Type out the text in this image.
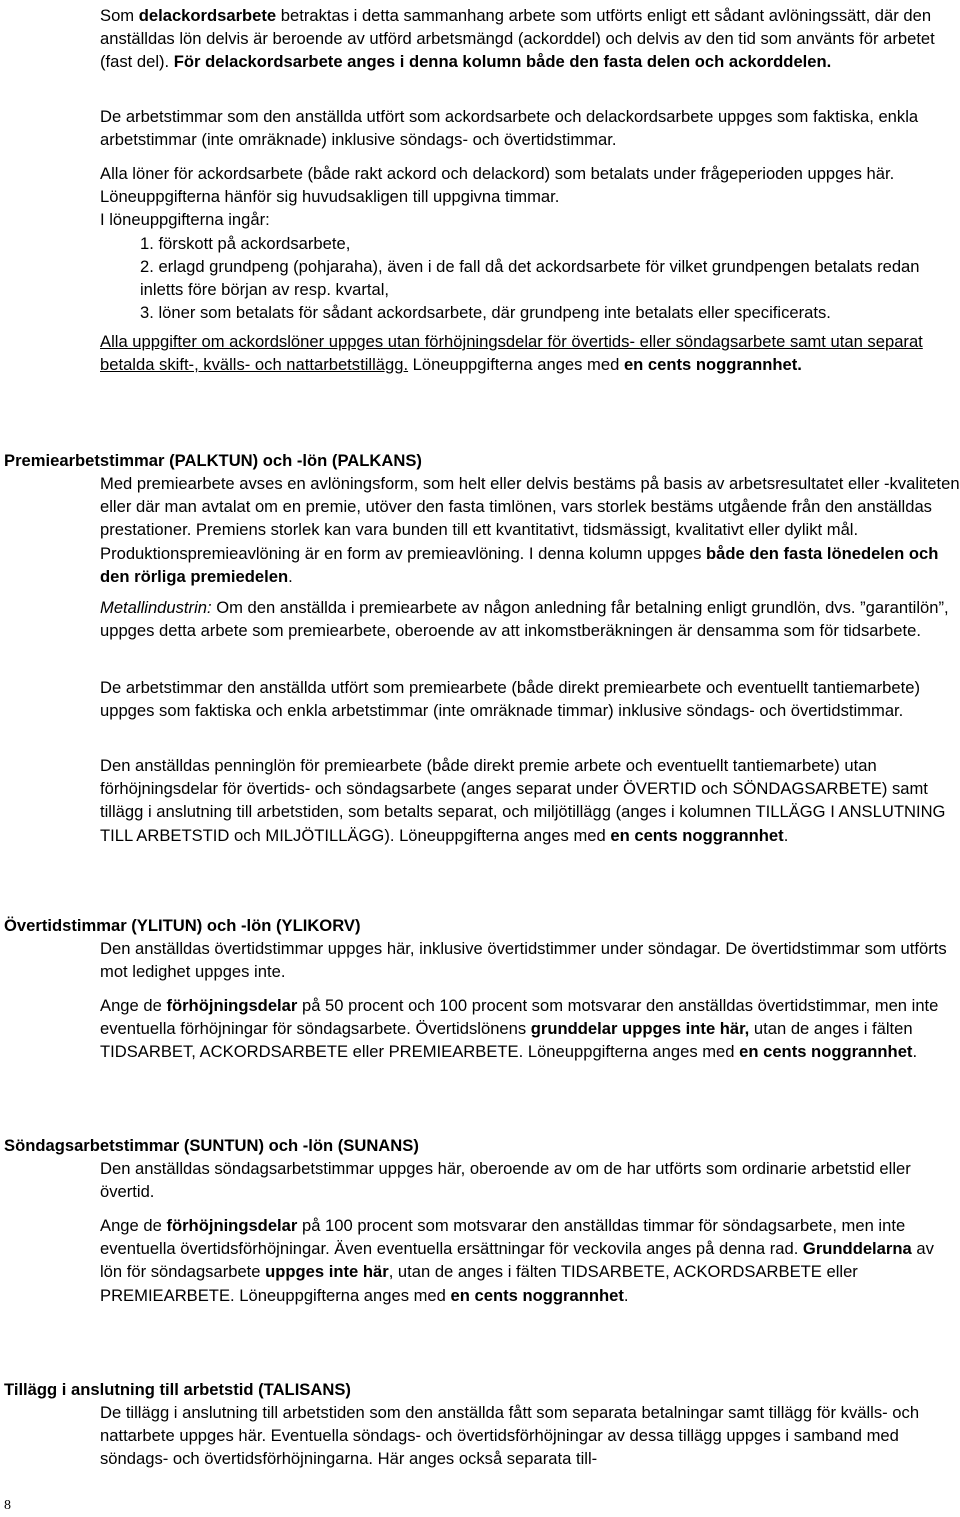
Som delackordsarbete betraktas i detta sammanhang arbete som utförts enligt ett sådant avlöningssätt, där den anställdas lön delvis är beroende av utförd arbetsmängd (ackorddel) och delvis av den tid som använts för arbetet (fast del). För delackordsarbete anges i denna kolumn både den fasta delen och ackorddelen.

De arbetstimmar som den anställda utfört som ackordsarbete och delackordsarbete uppges som faktiska, enkla arbetstimmar (inte omräknade) inklusive söndags- och övertidstimmar.

Alla löner för ackordsarbete (både rakt ackord och delackord) som betalats under frågeperioden uppges här. Löneuppgifterna hänför sig huvudsakligen till uppgivna timmar.
I löneuppgifterna ingår:
1. förskott på ackordsarbete,
2. erlagd grundpeng (pohjaraha), även i de fall då det ackordsarbete för vilket grundpengen betalats redan inletts före början av resp. kvartal,
3. löner som betalats för sådant ackordsarbete, där grundpeng inte betalats eller specificerats.

Alla uppgifter om ackordslöner uppges utan förhöjningsdelar för övertids- eller söndagsarbete samt utan separat betalda skift-, kvälls- och nattarbetstillägg. Löneuppgifterna anges med en cents noggrannhet.

Premiearbetstimmar (PALKTUN) och -lön (PALKANS)

Med premiearbete avses en avlöningsform, som helt eller delvis bestäms på basis av arbetsresultatet eller -kvaliteten eller där man avtalat om en premie, utöver den fasta timlönen, vars storlek bestäms utgående från den anställdas prestationer. Premiens storlek kan vara bunden till ett kvantitativt, tidsmässigt, kvalitativt eller dylikt mål. Produktionspremieavlöning är en form av premieavlöning. I denna kolumn uppges både den fasta lönedelen och den rörliga premiedelen.

Metallindustrin: Om den anställda i premiearbete av någon anledning får betalning enligt grundlön, dvs. ”garantilön”, uppges detta arbete som premiearbete, oberoende av att inkomstberäkningen är densamma som för tidsarbete.

De arbetstimmar den anställda utfört som premiearbete (både direkt premiearbete och eventuellt tantiemarbete) uppges som faktiska och enkla arbetstimmar (inte omräknade timmar) inklusive söndags- och övertidstimmar.

Den anställdas penninglön för premiearbete (både direkt premie arbete och eventuellt tantiemarbete) utan förhöjningsdelar för övertids- och söndagsarbete (anges separat under ÖVERTID och SÖNDAGSARBETE) samt tillägg i anslutning till arbetstiden, som betalts separat, och miljötillägg (anges i kolumnen TILLÄGG I ANSLUTNING TILL ARBETSTID och MILJÖTILLÄGG). Löneuppgifterna anges med en cents noggrannhet.

Övertidstimmar (YLITUN) och -lön (YLIKORV)

Den anställdas övertidstimmar uppges här, inklusive övertidstimmer under söndagar. De övertidstimmar som utförts mot ledighet uppges inte.

Ange de förhöjningsdelar på 50 procent och 100 procent som motsvarar den anställdas övertidstimmar, men inte eventuella förhöjningar för söndagsarbete. Övertidslönens grunddelar uppges inte här, utan de anges i fälten TIDSARBET, ACKORDSARBETE eller PREMIEARBETE. Löneuppgifterna anges med en cents noggrannhet.

Söndagsarbetstimmar (SUNTUN) och -lön (SUNANS)

Den anställdas söndagsarbetstimmar uppges här, oberoende av om de har utförts som ordinarie arbetstid eller övertid.

Ange de förhöjningsdelar på 100 procent som motsvarar den anställdas timmar för söndagsarbete, men inte eventuella övertidsförhöjningar. Även eventuella ersättningar för veckovila anges på denna rad. Grunddelarna av lön för söndagsarbete uppges inte här, utan de anges i fälten TIDSARBETE, ACKORDSARBETE eller PREMIEARBETE. Löneuppgifterna anges med en cents noggrannhet.

Tillägg i anslutning till arbetstid (TALISANS)

De tillägg i anslutning till arbetstiden som den anställda fått som separata betalningar samt tillägg för kvälls- och nattarbete uppges här. Eventuella söndags- och övertidsförhöjningar av dessa tillägg uppges i samband med söndags- och övertidsförhöjningarna. Här anges också separata till-

8
